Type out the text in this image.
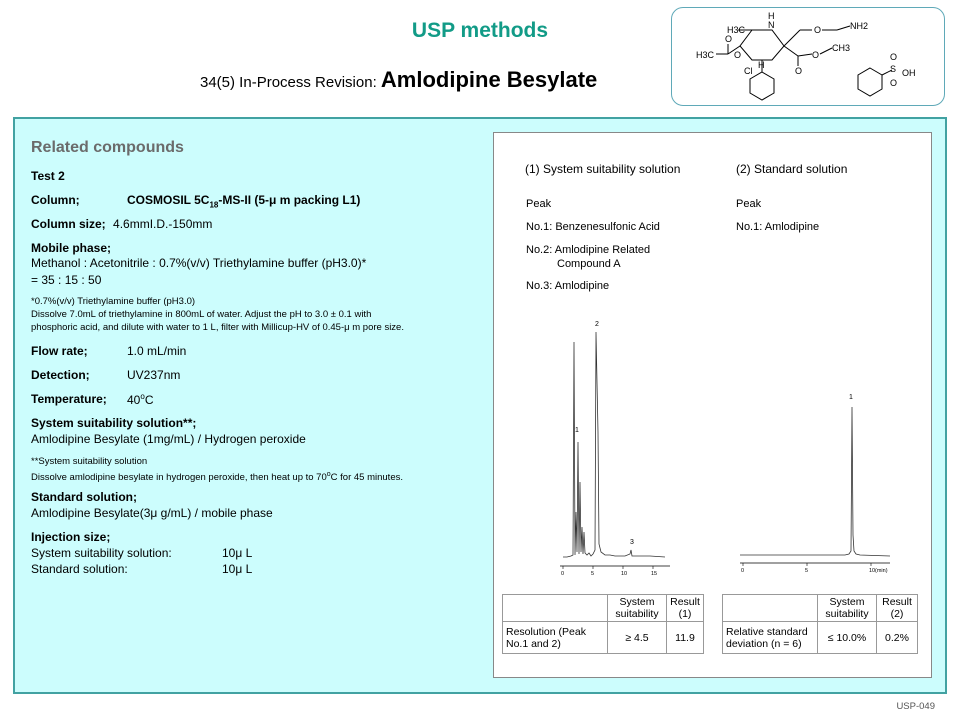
USP methods
34(5) In-Process Revision: Amlodipine Besylate
H3C	N
H
O	NH2
O
CH3
H3C
O
O
O
Cl
H	S
O
O
OH
Related compounds
Test 2
Column;	COSMOSIL $5C_{18}-MS-II$ (5-μ m packing L1)
Column size; 4.6mmI.D.-150mm
Mobile phase;
Methanol : Acetonitrile : 0.7%(v/v) Triethylamine buffer (pH3.0)*
= 35 : 15 : 50
*0.7%(v/v) Triethylamine buffer (pH3.0)
Dissolve 7.0mL of triethylamine in 800mL of water. Adjust the pH to 3.0 ± 0.1 with
phosphoric acid, and dilute with water to 1 L, filter with Millicup-HV of 0.45-μ m pore size.
Flow rate;	1.0 mL/min
Detection;	UV237nm
Temperature; 40$^o$C
System suitability solution**;
Amlodipine Besylate (1mg/mL) / Hydrogen peroxide
**System suitability solution
Dissolve amlodipine besylate in hydrogen peroxide, then heat up to 70$^o$C for 45 minutes.
Standard solution;
Amlodipine Besylate(3μ g/mL) / mobile phase
Injection size;
System suitability solution:	10μ L
Standard solution:	10μ L
(1) System suitability solution
Peak
No.1: Benzenesulfonic Acid
No.2: Amlodipine Related
Compound A
No.3: Amlodipine
(2) Standard solution
Peak
No.1: Amlodipine
0	5	10	15
1
2
3
0	5	10
1
(min)
	System suitability	Result (1)
Resolution (Peak No.1 and 2)	≥ 4.5	11.9
	System suitability	Result (2)
Relative standard deviation (n = 6)	≤ 10.0%	0.2%
USP-049
